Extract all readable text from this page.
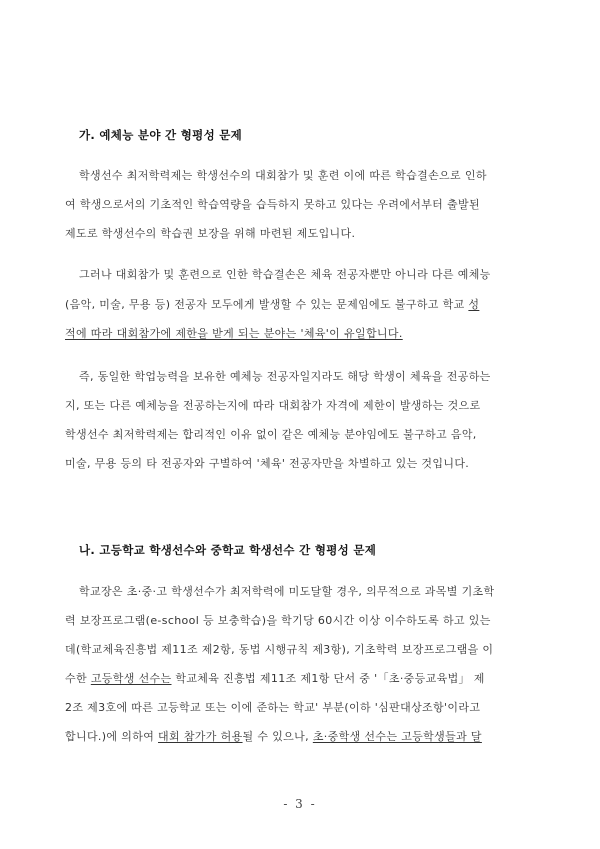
가. 예체능 분야 간 형평성 문제
학생선수 최저학력제는 학생선수의 대회참가 및 훈련 이에 따른 학습결손으로 인하
여 학생으로서의 기초적인 학습역량을 습득하지 못하고 있다는 우려에서부터 출발된
제도로 학생선수의 학습권 보장을 위해 마련된 제도입니다.
그러나 대회참가 및 훈련으로 인한 학습결손은 체육 전공자뿐만 아니라 다른 예체능
(음악, 미술, 무용 등) 전공자 모두에게 발생할 수 있는 문제임에도 불구하고 학교 성
적에 따라 대회참가에 제한을 받게 되는 분야는 '체육'이 유일합니다.
즉, 동일한 학업능력을 보유한 예체능 전공자일지라도 해당 학생이 체육을 전공하는
지, 또는 다른 예체능을 전공하는지에 따라 대회참가 자격에 제한이 발생하는 것으로
학생선수 최저학력제는 합리적인 이유 없이 같은 예체능 분야임에도 불구하고 음악,
미술, 무용 등의 타 전공자와 구별하여 '체육' 전공자만을 차별하고 있는 것입니다.
나. 고등학교 학생선수와 중학교 학생선수 간 형평성 문제
학교장은 초·중·고 학생선수가 최저학력에 미도달할 경우, 의무적으로 과목별 기초학
력 보장프로그램(e-school 등 보충학습)을 학기당 60시간 이상 이수하도록 하고 있는
데(학교체육진흥법 제11조 제2항, 동법 시행규칙 제3항), 기초학력 보장프로그램을 이
수한 고등학생 선수는 학교체육 진흥법 제11조 제1항 단서 중 '「초·중등교육법」 제
2조 제3호에 따른 고등학교 또는 이에 준하는 학교' 부분(이하 '심판대상조항'이라고
합니다.)에 의하여 대회 참가가 허용될 수 있으나, 초·중학생 선수는 고등학생들과 달
- 3 -
